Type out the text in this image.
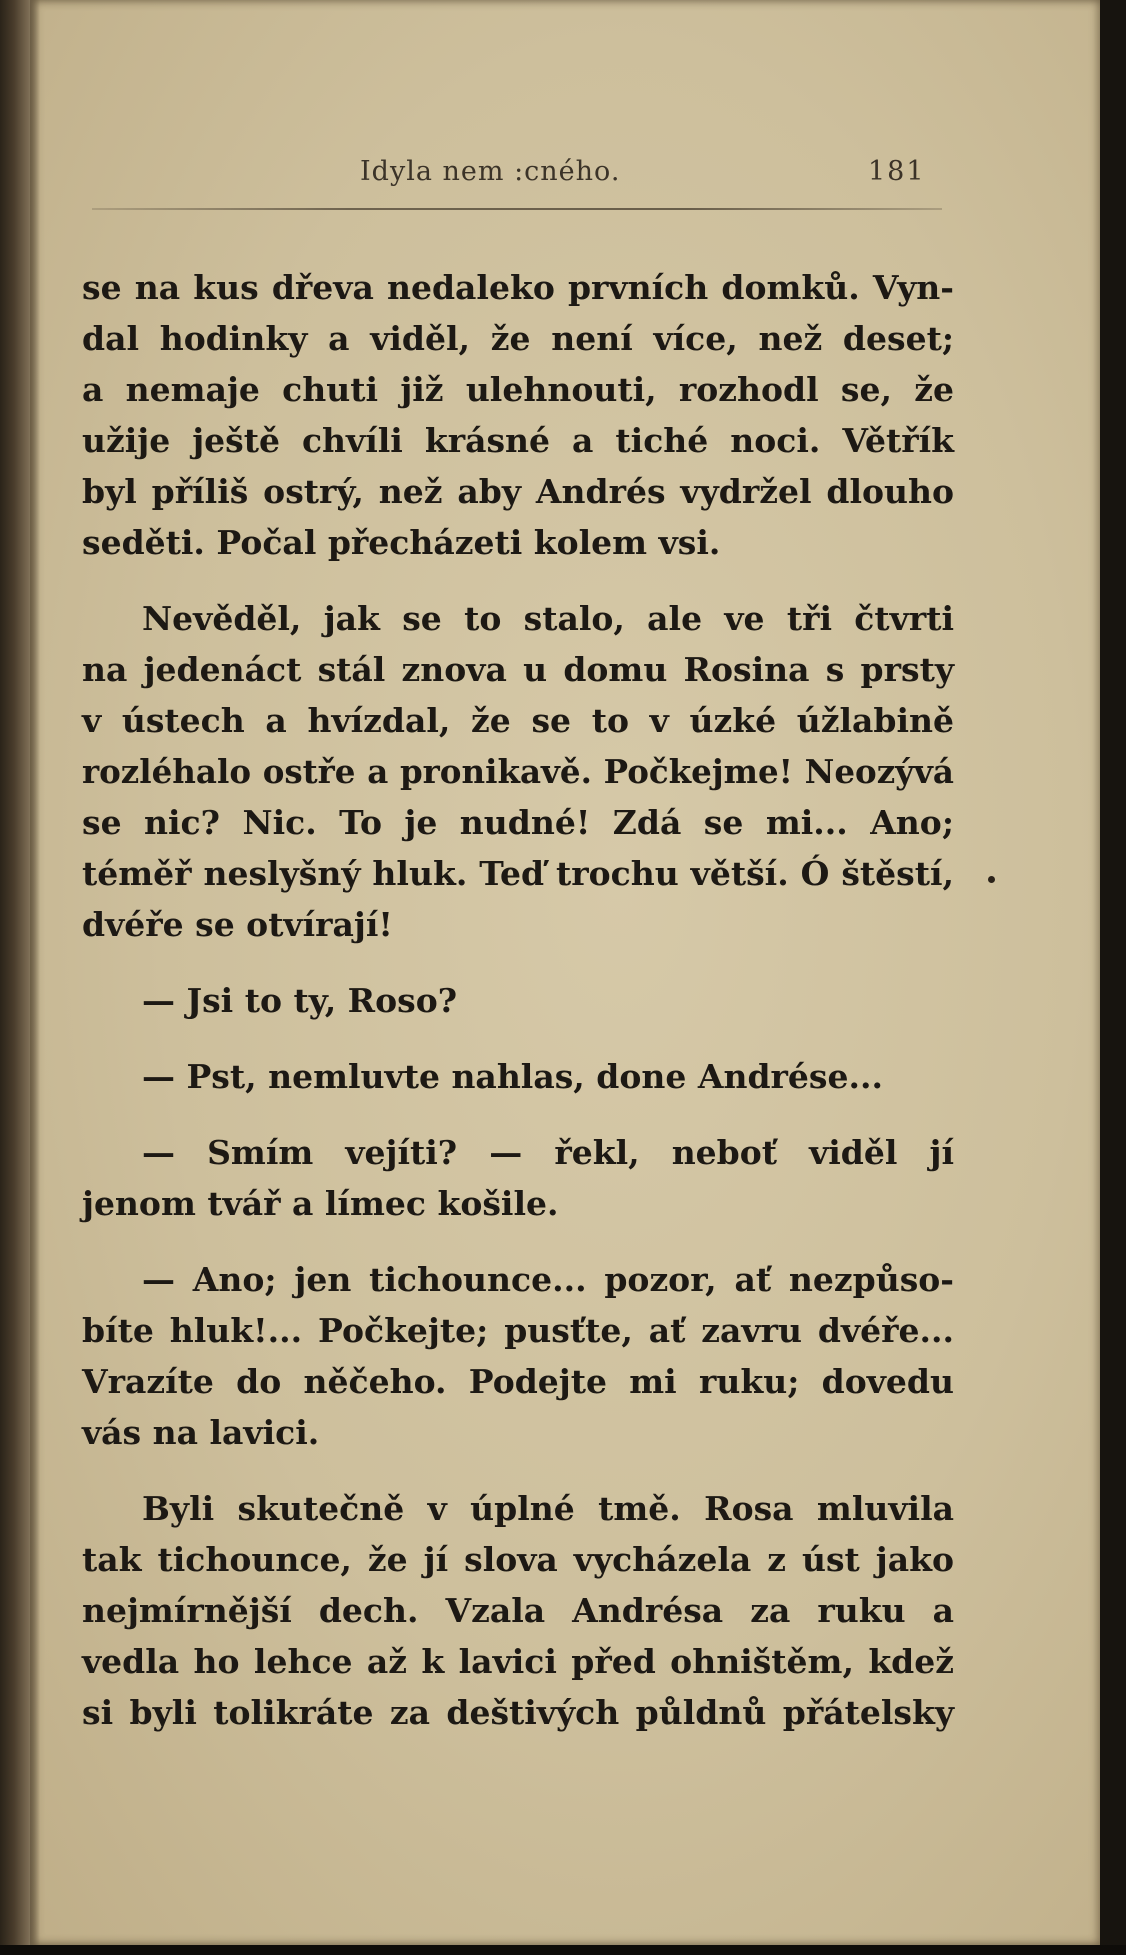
Idyla nem :cného.	181
se na kus dřeva nedaleko prvních domků. Vyn-
dal hodinky a viděl, že není více, než deset;
a nemaje chuti již ulehnouti, rozhodl se, že
užije ještě chvíli krásné a tiché noci. Větřík
byl příliš ostrý, než aby Andrés vydržel dlouho
seděti. Počal přecházeti kolem vsi.
Nevěděl, jak se to stalo, ale ve tři čtvrti
na jedenáct stál znova u domu Rosina s prsty
v ústech a hvízdal, že se to v úzké úžlabině
rozléhalo ostře a pronikavě. Počkejme! Neozývá
se nic? Nic. To je nudné! Zdá se mi... Ano;
téměř neslyšný hluk. Teď trochu větší. Ó štěstí,
dvéře se otvírají!
— Jsi to ty, Roso?
— Pst, nemluvte nahlas, done Andrése...
— Smím vejíti? — řekl, neboť viděl jí
jenom tvář a límec košile.
— Ano; jen tichounce... pozor, ať nezpůso-
bíte hluk!... Počkejte; pusťte, ať zavru dvéře...
Vrazíte do něčeho. Podejte mi ruku; dovedu
vás na lavici.
Byli skutečně v úplné tmě. Rosa mluvila
tak tichounce, že jí slova vycházela z úst jako
nejmírnější dech. Vzala Andrésa za ruku a
vedla ho lehce až k lavici před ohništěm, kdež
si byli tolikráte za deštivých půldnů přátelsky
